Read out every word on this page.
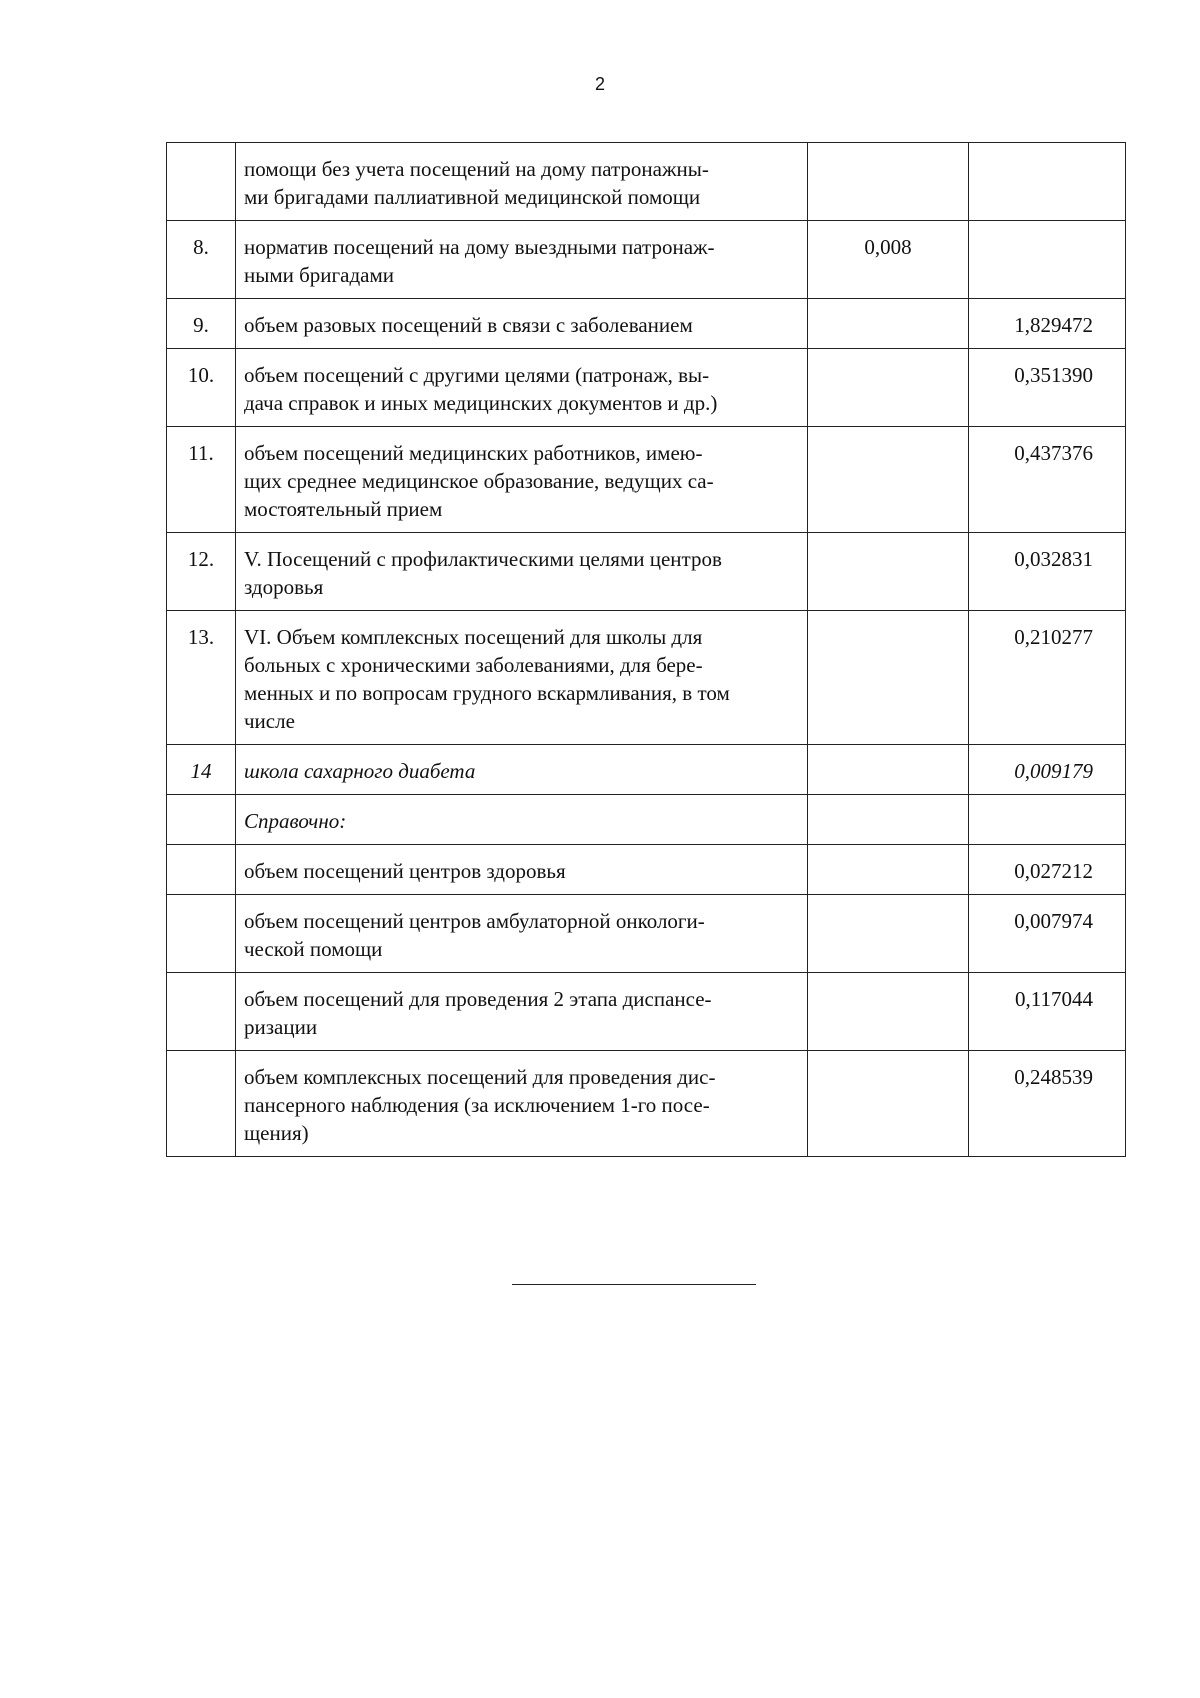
2

	помощи без учета посещений на дому патронажны-
ми бригадами паллиативной медицинской помощи		

8.	норматив посещений на дому выездными патронаж-
ными бригадами	0,008	
9.	объем разовых посещений в связи с заболеванием		1,829472
10.	объем посещений с другими целями (патронаж, вы-
дача справок и иных медицинских документов и др.)		0,351390
11.	объем посещений медицинских работников, имею-
щих среднее медицинское образование, ведущих са-
мостоятельный прием		0,437376
12.	V. Посещений с профилактическими целями центров
здоровья		0,032831
13.	VI. Объем комплексных посещений для школы для
больных с хроническими заболеваниями, для бере-
менных и по вопросам грудного вскармливания, в том
числе		0,210277
14	школа сахарного диабета		0,009179

	Справочно:		

	объем посещений центров здоровья		0,027212

	объем посещений центров амбулаторной онкологи-
ческой помощи		0,007974

	объем посещений для проведения 2 этапа диспансе-
ризации		0,117044

	объем комплексных посещений для проведения дис-
пансерного наблюдения (за исключением 1-го посе-
щения)		0,248539
